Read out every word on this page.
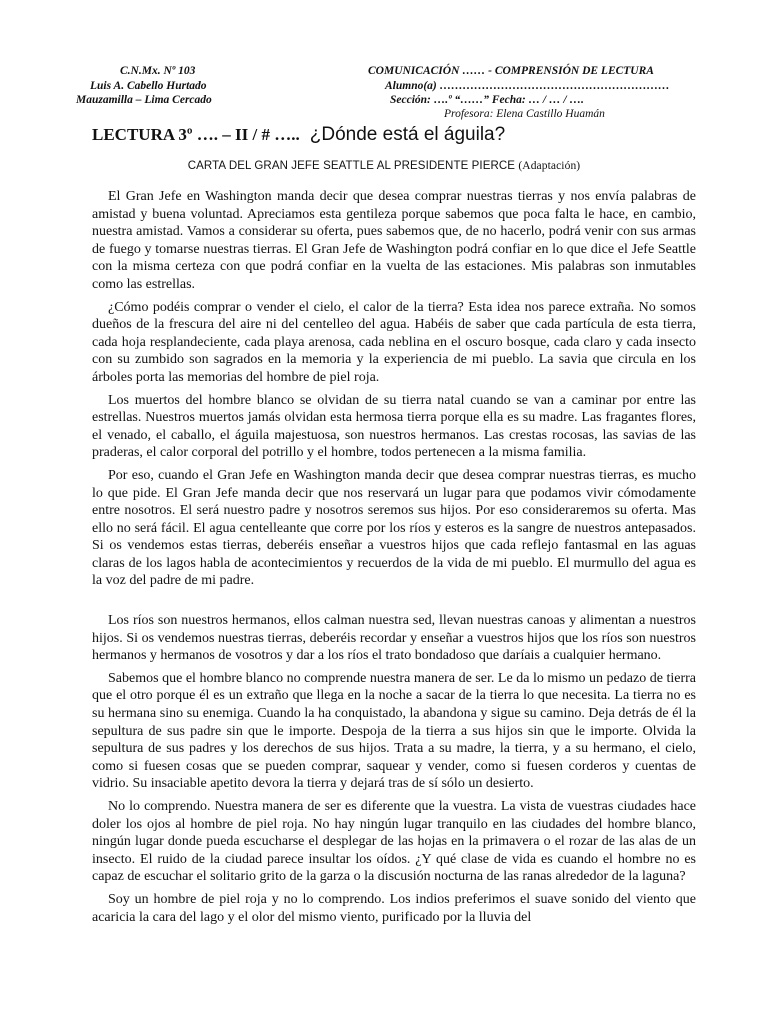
C.N.Mx. Nº 103
Luis A. Cabello Hurtado
Mauzamilla – Lima Cercado
COMUNICACIÓN …… - COMPRENSIÓN DE LECTURA
Alumno(a) ……………………………………………………
Sección: ….º “……” Fecha: … / … / ….
Profesora: Elena Castillo Huamán
LECTURA 3º …. – II / # ….. ¿Dónde está el águila?
CARTA DEL GRAN JEFE SEATTLE AL PRESIDENTE PIERCE (Adaptación)

El Gran Jefe en Washington manda decir que desea comprar nuestras tierras y nos envía palabras de amistad y buena voluntad. Apreciamos esta gentileza porque sabemos que poca falta le hace, en cambio, nuestra amistad. Vamos a considerar su oferta, pues sabemos que, de no hacerlo, podrá venir con sus armas de fuego y tomarse nuestras tierras. El Gran Jefe de Washington podrá confiar en lo que dice el Jefe Seattle con la misma certeza con que podrá confiar en la vuelta de las estaciones. Mis palabras son inmutables como las estrellas.

¿Cómo podéis comprar o vender el cielo, el calor de la tierra? Esta idea nos parece extraña. No somos dueños de la frescura del aire ni del centelleo del agua. Habéis de saber que cada partícula de esta tierra, cada hoja resplandeciente, cada playa arenosa, cada neblina en el oscuro bosque, cada claro y cada insecto con su zumbido son sagrados en la memoria y la experiencia de mi pueblo. La savia que circula en los árboles porta las memorias del hombre de piel roja.

Los muertos del hombre blanco se olvidan de su tierra natal cuando se van a caminar por entre las estrellas. Nuestros muertos jamás olvidan esta hermosa tierra porque ella es su madre. Las fragantes flores, el venado, el caballo, el águila majestuosa, son nuestros hermanos. Las crestas rocosas, las savias de las praderas, el calor corporal del potrillo y el hombre, todos pertenecen a la misma familia.

Por eso, cuando el Gran Jefe en Washington manda decir que desea comprar nuestras tierras, es mucho lo que pide. El Gran Jefe manda decir que nos reservará un lugar para que podamos vivir cómodamente entre nosotros. El será nuestro padre y nosotros seremos sus hijos. Por eso consideraremos su oferta. Mas ello no será fácil. El agua centelleante que corre por los ríos y esteros es la sangre de nuestros antepasados. Si os vendemos estas tierras, deberéis enseñar a vuestros hijos que cada reflejo fantasmal en las aguas claras de los lagos habla de acontecimientos y recuerdos de la vida de mi pueblo. El murmullo del agua es la voz del padre de mi padre.

Los ríos son nuestros hermanos, ellos calman nuestra sed, llevan nuestras canoas y alimentan a nuestros hijos. Si os vendemos nuestras tierras, deberéis recordar y enseñar a vuestros hijos que los ríos son nuestros hermanos y hermanos de vosotros y dar a los ríos el trato bondadoso que daríais a cualquier hermano.

Sabemos que el hombre blanco no comprende nuestra manera de ser. Le da lo mismo un pedazo de tierra que el otro porque él es un extraño que llega en la noche a sacar de la tierra lo que necesita. La tierra no es su hermana sino su enemiga. Cuando la ha conquistado, la abandona y sigue su camino. Deja detrás de él la sepultura de sus padre sin que le importe. Despoja de la tierra a sus hijos sin que le importe. Olvida la sepultura de sus padres y los derechos de sus hijos. Trata a su madre, la tierra, y a su hermano, el cielo, como si fuesen cosas que se pueden comprar, saquear y vender, como si fuesen corderos y cuentas de vidrio. Su insaciable apetito devora la tierra y dejará tras de sí sólo un desierto.

No lo comprendo. Nuestra manera de ser es diferente que la vuestra. La vista de vuestras ciudades hace doler los ojos al hombre de piel roja. No hay ningún lugar tranquilo en las ciudades del hombre blanco, ningún lugar donde pueda escucharse el desplegar de las hojas en la primavera o el rozar de las alas de un insecto. El ruido de la ciudad parece insultar los oídos. ¿Y qué clase de vida es cuando el hombre no es capaz de escuchar el solitario grito de la garza o la discusión nocturna de las ranas alrededor de la laguna?

Soy un hombre de piel roja y no lo comprendo. Los indios preferimos el suave sonido del viento que acaricia la cara del lago y el olor del mismo viento, purificado por la lluvia del
